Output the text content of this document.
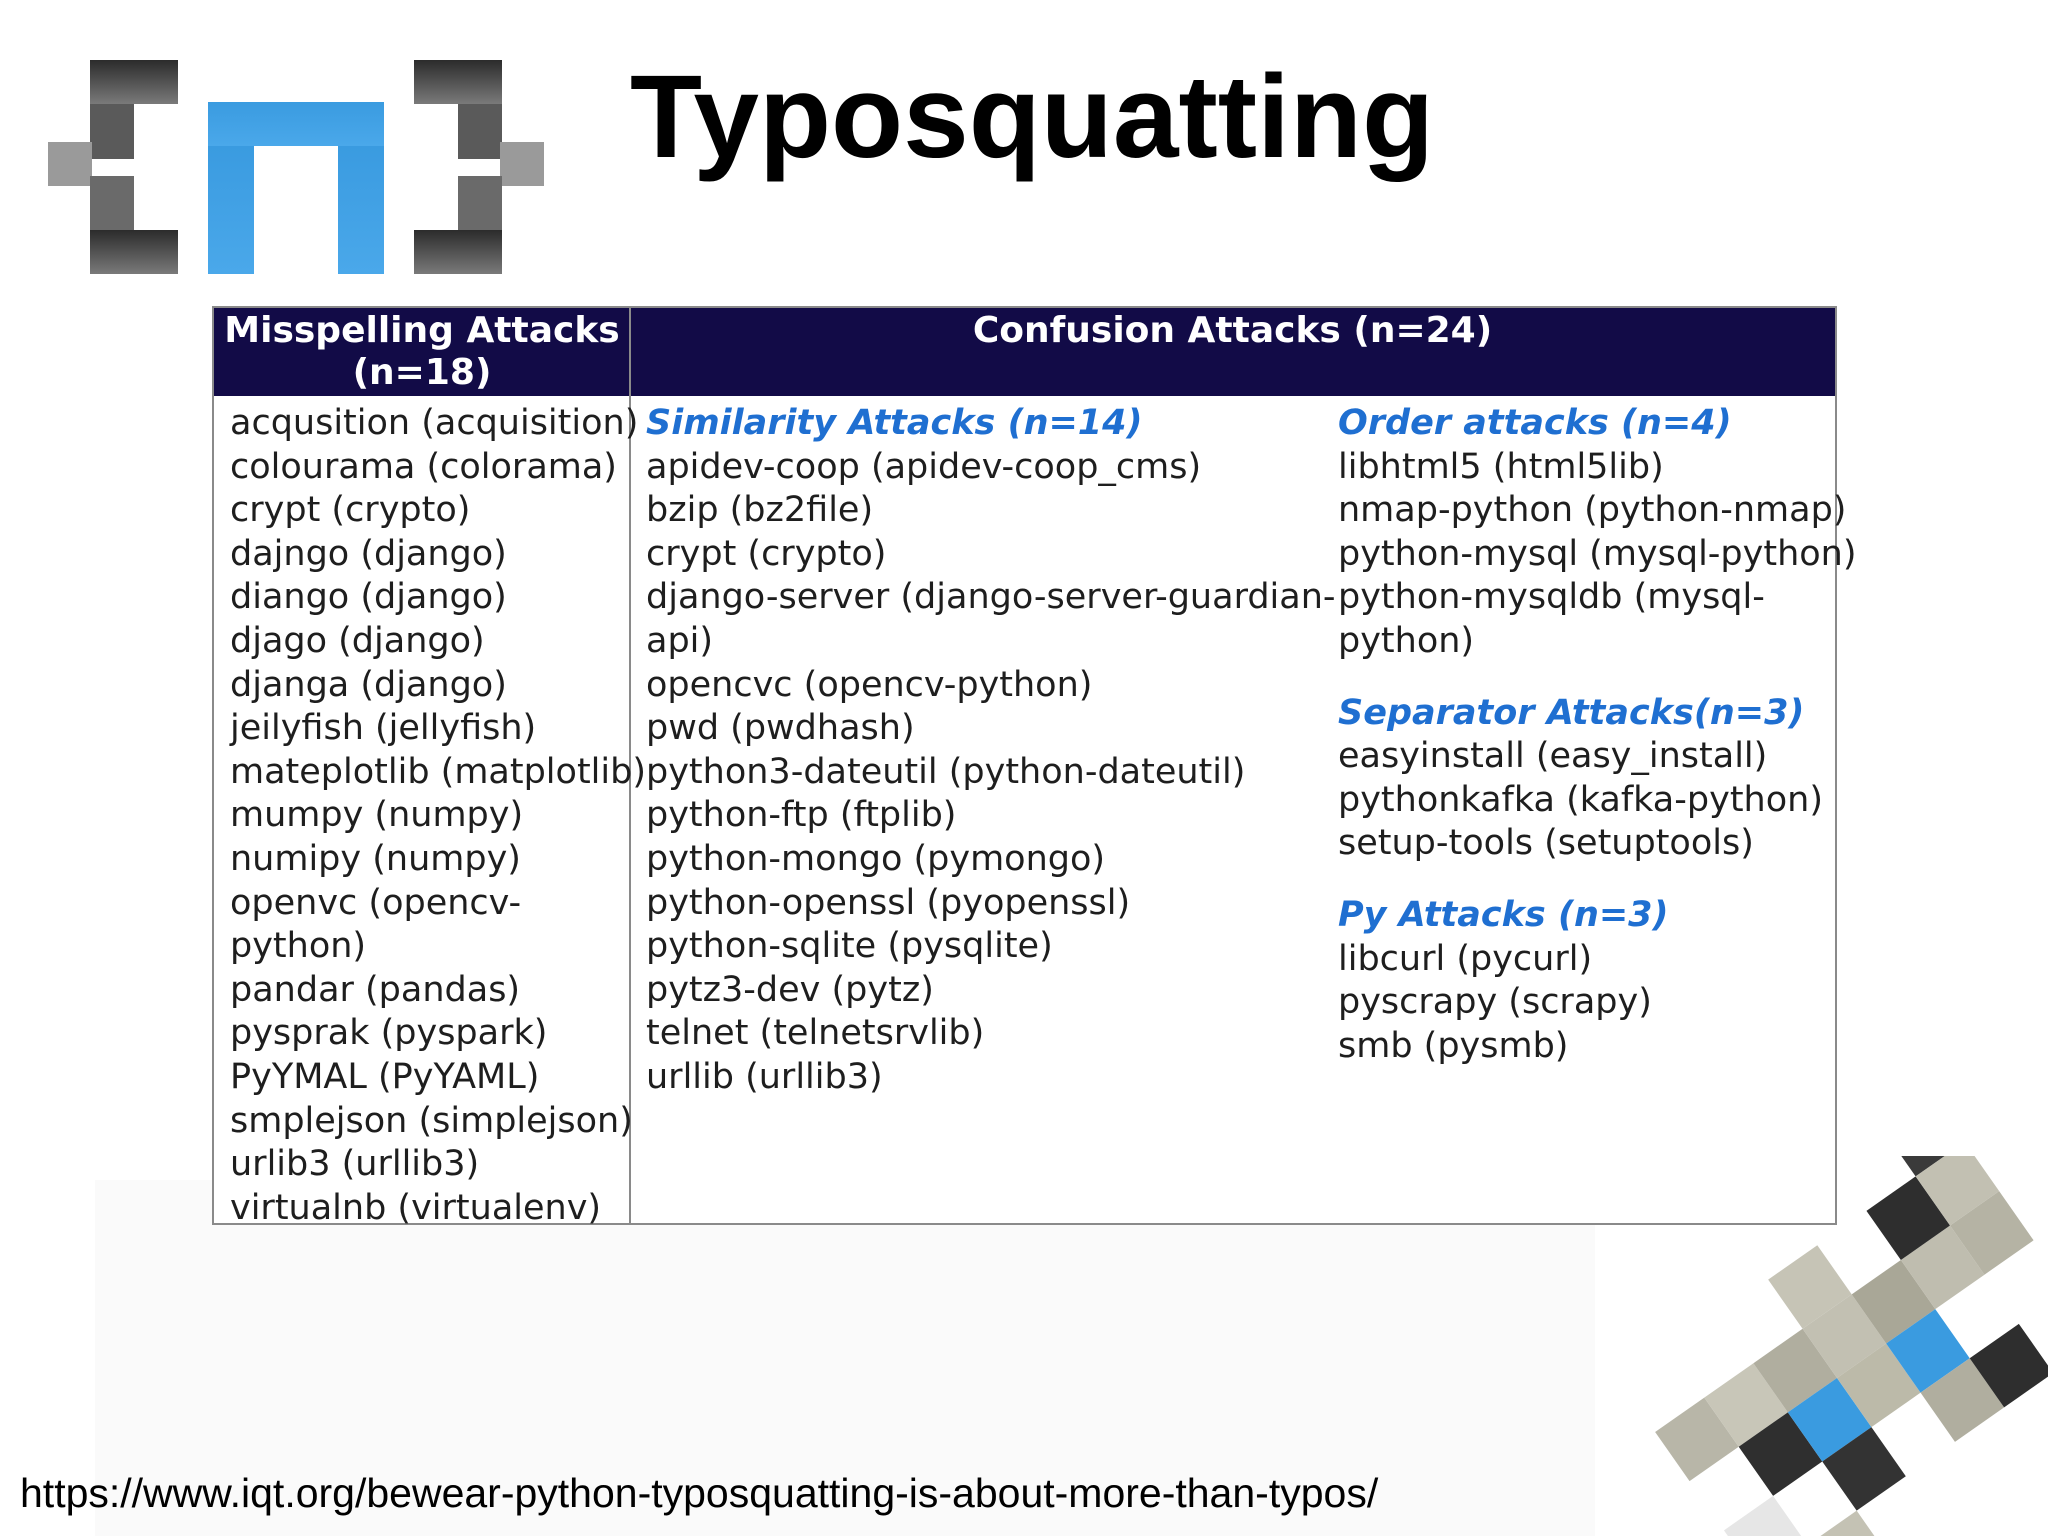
Typosquatting
Misspelling Attacks
(n=18)
Confusion Attacks (n=24)
acqusition (acquisition)
colourama (colorama)
crypt (crypto)
dajngo (django)
diango (django)
djago (django)
djanga (django)
jeilyfish (jellyfish)
mateplotlib (matplotlib)
mumpy (numpy)
numipy (numpy)
openvc (opencv-
python)
pandar (pandas)
pysprak (pyspark)
PyYMAL (PyYAML)
smplejson (simplejson)
urlib3 (urllib3)
virtualnb (virtualenv)
Similarity Attacks (n=14)
apidev-coop (apidev-coop_cms)
bzip (bz2file)
crypt (crypto)
django-server (django-server-guardian-
api)
opencvc (opencv-python)
pwd (pwdhash)
python3-dateutil (python-dateutil)
python-ftp (ftplib)
python-mongo (pymongo)
python-openssl (pyopenssl)
python-sqlite (pysqlite)
pytz3-dev (pytz)
telnet (telnetsrvlib)
urllib (urllib3)
Order attacks (n=4)
libhtml5 (html5lib)
nmap-python (python-nmap)
python-mysql (mysql-python)
python-mysqldb (mysql-
python)
Separator Attacks(n=3)
easyinstall (easy_install)
pythonkafka (kafka-python)
setup-tools (setuptools)
Py Attacks (n=3)
libcurl (pycurl)
pyscrapy (scrapy)
smb (pysmb)
https://www.iqt.org/bewear-python-typosquatting-is-about-more-than-typos/
